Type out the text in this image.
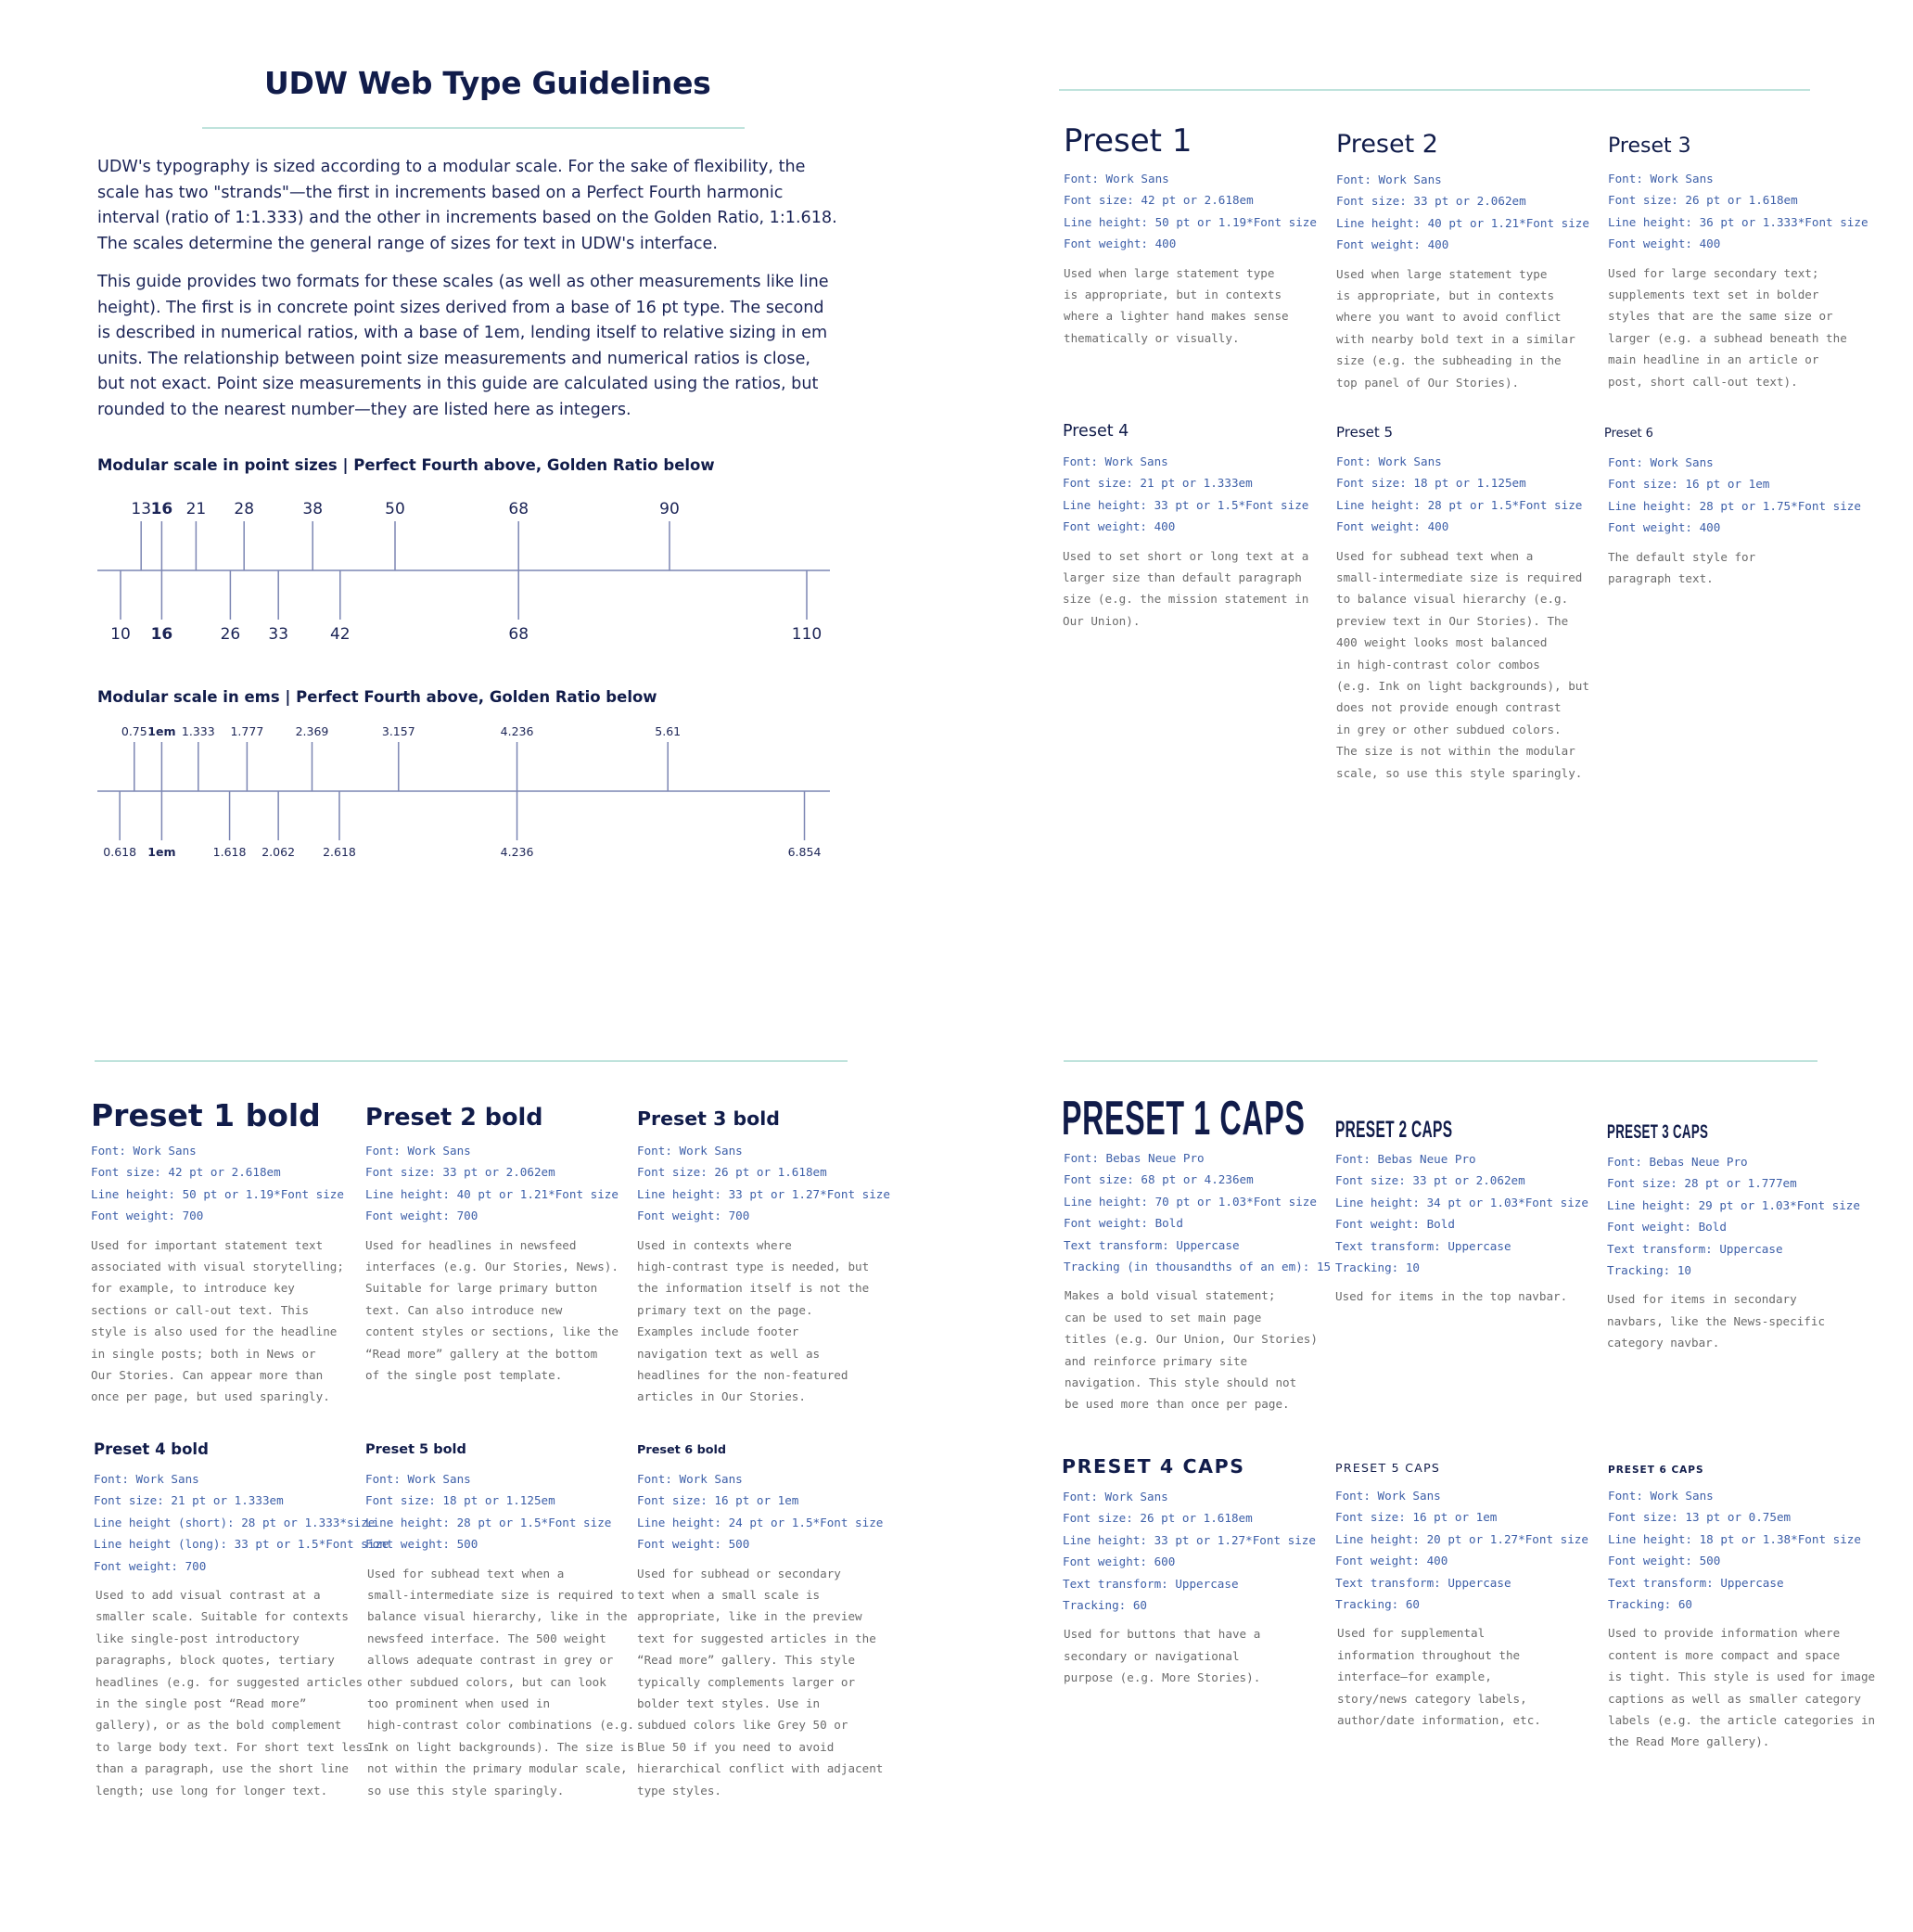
UDW Web Type Guidelines

UDW's typography is sized according to a modular scale. For the sake of flexibility, the scale has two "strands"—the first in increments based on a Perfect Fourth harmonic interval (ratio of 1:1.333) and the other in increments based on the Golden Ratio, 1:1.618. The scales determine the general range of sizes for text in UDW's interface.

This guide provides two formats for these scales (as well as other measurements like line height). The first is in concrete point sizes derived from a base of 16 pt type. The second is described in numerical ratios, with a base of 1em, lending itself to relative sizing in em units. The relationship between point size measurements and numerical ratios is close, but not exact. Point size measurements in this guide are calculated using the ratios, but rounded to the nearest number—they are listed here as integers.

Modular scale in point sizes | Perfect Fourth above, Golden Ratio below
Modular scale in ems | Perfect Fourth above, Golden Ratio below
13 16 21 28	38	50	68	90
10 16	26 33	42	68	110
0.75 1em 1.333 1.777	2.369	3.157	4.236	5.61
0.618 1em	1.618 2.062 2.618	4.236	6.854
Preset 1
Font: Work Sans
Font size: 42 pt or 2.618em
Line height: 50 pt or 1.19*Font size
Font weight: 400

Used when large statement type
is appropriate, but in contexts
where a lighter hand makes sense
thematically or visually.

Preset 2
Font: Work Sans
Font size: 33 pt or 2.062em
Line height: 40 pt or 1.21*Font size
Font weight: 400

Used when large statement type
is appropriate, but in contexts
where you want to avoid conflict
with nearby bold text in a similar
size (e.g. the subheading in the
top panel of Our Stories).

Preset 3
Font: Work Sans
Font size: 26 pt or 1.618em
Line height: 36 pt or 1.333*Font size
Font weight: 400

Used for large secondary text;
supplements text set in bolder
styles that are the same size or
larger (e.g. a subhead beneath the
main headline in an article or
post, short call-out text).

Preset 4
Font: Work Sans
Font size: 21 pt or 1.333em
Line height: 33 pt or 1.5*Font size
Font weight: 400

Used to set short or long text at a
larger size than default paragraph
size (e.g. the mission statement in
Our Union).

Preset 5
Font: Work Sans
Font size: 18 pt or 1.125em
Line height: 28 pt or 1.5*Font size
Font weight: 400

Used for subhead text when a
small-intermediate size is required
to balance visual hierarchy (e.g.
preview text in Our Stories). The
400 weight looks most balanced
in high-contrast color combos
(e.g. Ink on light backgrounds), but
does not provide enough contrast
in grey or other subdued colors.
The size is not within the modular
scale, so use this style sparingly.

Preset 6
Font: Work Sans
Font size: 16 pt or 1em
Line height: 28 pt or 1.75*Font size
Font weight: 400

The default style for
paragraph text.

Preset 1 bold
Font: Work Sans
Font size: 42 pt or 2.618em
Line height: 50 pt or 1.19*Font size
Font weight: 700

Used for important statement text
associated with visual storytelling;
for example, to introduce key
sections or call-out text. This
style is also used for the headline
in single posts; both in News or
Our Stories. Can appear more than
once per page, but used sparingly.

Preset 2 bold
Font: Work Sans
Font size: 33 pt or 2.062em
Line height: 40 pt or 1.21*Font size
Font weight: 700

Used for headlines in newsfeed
interfaces (e.g. Our Stories, News).
Suitable for large primary button
text. Can also introduce new
content styles or sections, like the
“Read more” gallery at the bottom
of the single post template.

Preset 3 bold
Font: Work Sans
Font size: 26 pt or 1.618em
Line height: 33 pt or 1.27*Font size
Font weight: 700

Used in contexts where
high-contrast type is needed, but
the information itself is not the
primary text on the page.
Examples include footer
navigation text as well as
headlines for the non-featured
articles in Our Stories.

Preset 4 bold
Font: Work Sans
Font size: 21 pt or 1.333em
Line height (short): 28 pt or 1.333*size
Line height (long): 33 pt or 1.5*Font size
Font weight: 700

Used to add visual contrast at a
smaller scale. Suitable for contexts
like single-post introductory
paragraphs, block quotes, tertiary
headlines (e.g. for suggested articles
in the single post “Read more”
gallery), or as the bold complement
to large body text. For short text less
than a paragraph, use the short line
length; use long for longer text.

Preset 5 bold
Font: Work Sans
Font size: 18 pt or 1.125em
Line height: 28 pt or 1.5*Font size
Font weight: 500

Used for subhead text when a
small-intermediate size is required to
balance visual hierarchy, like in the
newsfeed interface. The 500 weight
allows adequate contrast in grey or
other subdued colors, but can look
too prominent when used in
high-contrast color combinations (e.g.
Ink on light backgrounds). The size is
not within the primary modular scale,
so use this style sparingly.

Preset 6 bold
Font: Work Sans
Font size: 16 pt or 1em
Line height: 24 pt or 1.5*Font size
Font weight: 500

Used for subhead or secondary
text when a small scale is
appropriate, like in the preview
text for suggested articles in the
“Read more” gallery. This style
typically complements larger or
bolder text styles. Use in
subdued colors like Grey 50 or
Blue 50 if you need to avoid
hierarchical conflict with adjacent
type styles.

PRESET 1 CAPS
Font: Bebas Neue Pro
Font size: 68 pt or 4.236em
Line height: 70 pt or 1.03*Font size
Font weight: Bold
Text transform: Uppercase
Tracking (in thousandths of an em): 15

Makes a bold visual statement;
can be used to set main page
titles (e.g. Our Union, Our Stories)
and reinforce primary site
navigation. This style should not
be used more than once per page.

PRESET 2 CAPS
Font: Bebas Neue Pro
Font size: 33 pt or 2.062em
Line height: 34 pt or 1.03*Font size
Font weight: Bold
Text transform: Uppercase
Tracking: 10

Used for items in the top navbar.

PRESET 3 CAPS
Font: Bebas Neue Pro
Font size: 28 pt or 1.777em
Line height: 29 pt or 1.03*Font size
Font weight: Bold
Text transform: Uppercase
Tracking: 10

Used for items in secondary
navbars, like the News-specific
category navbar.

PRESET 4 CAPS
Font: Work Sans
Font size: 26 pt or 1.618em
Line height: 33 pt or 1.27*Font size
Font weight: 600
Text transform: Uppercase
Tracking: 60

Used for buttons that have a
secondary or navigational
purpose (e.g. More Stories).

PRESET 5 CAPS
Font: Work Sans
Font size: 16 pt or 1em
Line height: 20 pt or 1.27*Font size
Font weight: 400
Text transform: Uppercase
Tracking: 60

Used for supplemental
information throughout the
interface—for example,
story/news category labels,
author/date information, etc.

PRESET 6 CAPS
Font: Work Sans
Font size: 13 pt or 0.75em
Line height: 18 pt or 1.38*Font size
Font weight: 500
Text transform: Uppercase
Tracking: 60

Used to provide information where
content is more compact and space
is tight. This style is used for image
captions as well as smaller category
labels (e.g. the article categories in
the Read More gallery).
